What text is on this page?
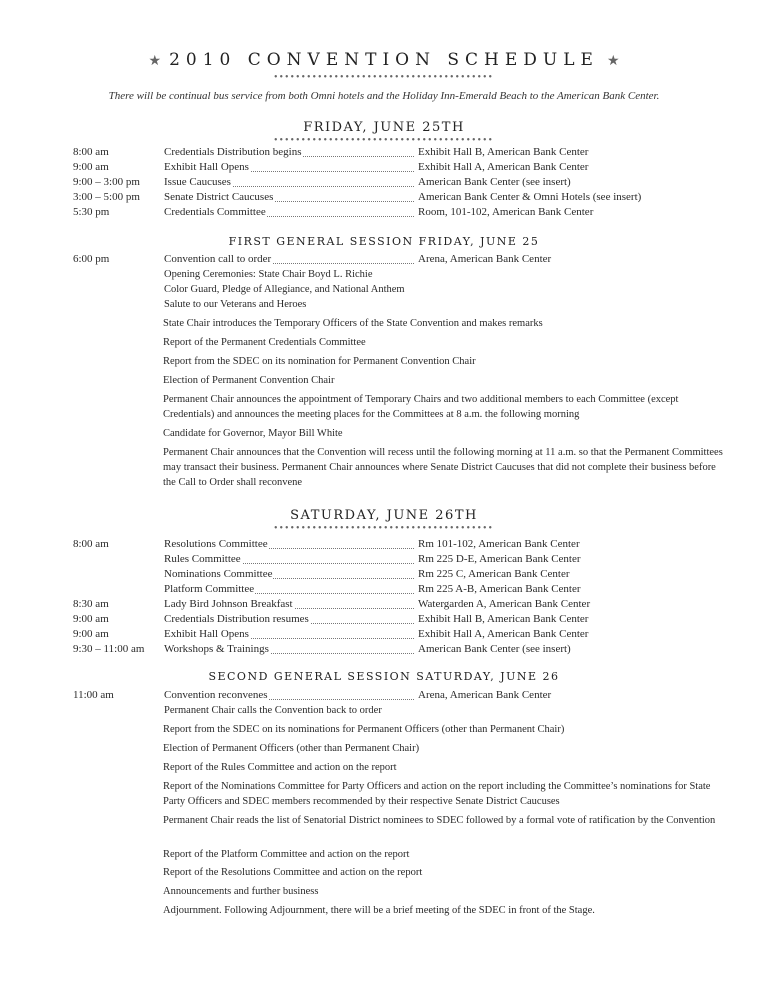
★ 2010 CONVENTION SCHEDULE ★
••••••••••••••••••••••••••••••••••••••••
There will be continual bus service from both Omni hotels and the Holiday Inn-Emerald Beach to the American Bank Center.
FRIDAY, JUNE 25TH
••••••••••••••••••••••••••••••••••••••••
8:00 am	Credentials Distribution begins	Exhibit Hall B, American Bank Center
9:00 am	Exhibit Hall Opens	Exhibit Hall A, American Bank Center
9:00 – 3:00 pm Issue Caucuses	American Bank Center (see insert)
3:00 – 5:00 pm Senate District Caucuses	American Bank Center & Omni Hotels (see insert)
5:30 pm	Credentials Committee	Room, 101-102, American Bank Center
FIRST GENERAL SESSION FRIDAY, JUNE 25
6:00 pm	Convention call to order	Arena, American Bank Center
Opening Ceremonies: State Chair Boyd L. Richie
Color Guard, Pledge of Allegiance, and National Anthem
Salute to our Veterans and Heroes
State Chair introduces the Temporary Officers of the State Convention and makes remarks
Report of the Permanent Credentials Committee
Report from the SDEC on its nomination for Permanent Convention Chair
Election of Permanent Convention Chair
Permanent Chair announces the appointment of Temporary Chairs and two additional members to each Committee (except Credentials) and announces the meeting places for the Committees at 8 a.m. the following morning
Candidate for Governor, Mayor Bill White
Permanent Chair announces that the Convention will recess until the following morning at 11 a.m. so that the Permanent Committees may transact their business. Permanent Chair announces where Senate District Caucuses that did not complete their business before the Call to Order shall reconvene
SATURDAY, JUNE 26TH
••••••••••••••••••••••••••••••••••••••••
8:00 am	Resolutions Committee	Rm 101-102, American Bank Center
Rules Committee	Rm 225 D-E, American Bank Center
Nominations Committee	Rm 225 C, American Bank Center
Platform Committee	Rm 225 A-B, American Bank Center
8:30 am	Lady Bird Johnson Breakfast	Watergarden A, American Bank Center
9:00 am	Credentials Distribution resumes	Exhibit Hall B, American Bank Center
9:00 am	Exhibit Hall Opens	Exhibit Hall A, American Bank Center
9:30 – 11:00 am Workshops & Trainings	American Bank Center (see insert)
SECOND GENERAL SESSION SATURDAY, JUNE 26
11:00 am	Convention reconvenes	Arena, American Bank Center
Permanent Chair calls the Convention back to order
Report from the SDEC on its nominations for Permanent Officers (other than Permanent Chair)
Election of Permanent Officers (other than Permanent Chair)
Report of the Rules Committee and action on the report
Report of the Nominations Committee for Party Officers and action on the report including the Committee’s nominations for State Party Officers and SDEC members recommended by their respective Senate District Caucuses
Permanent Chair reads the list of Senatorial District nominees to SDEC followed by a formal vote of ratification by the Convention
Report of the Platform Committee and action on the report
Report of the Resolutions Committee and action on the report
Announcements and further business
Adjournment. Following Adjournment, there will be a brief meeting of the SDEC in front of the Stage.
